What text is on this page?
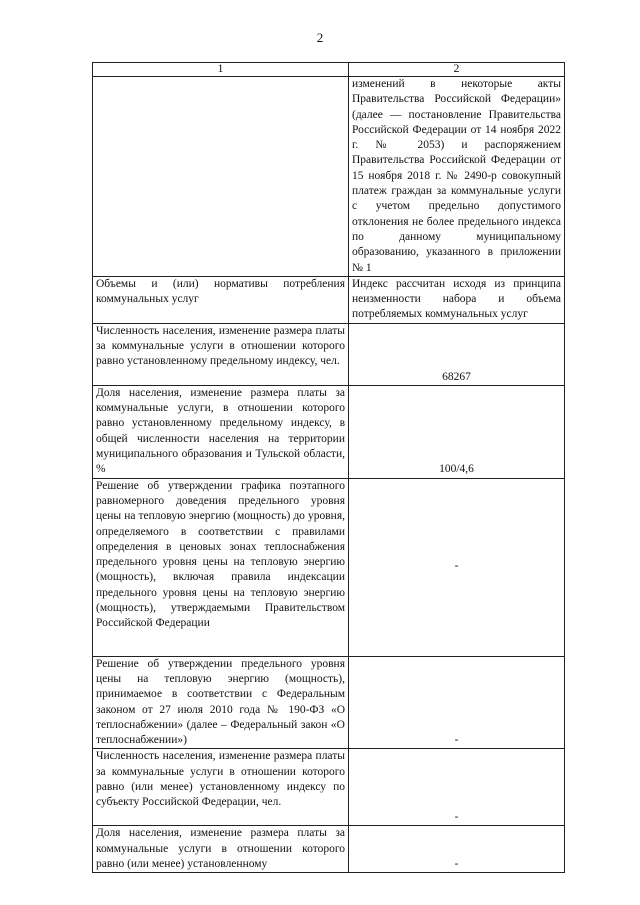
2
1	2
	изменений в некоторые акты Правительства Российской Федерации» (далее — постановление Правительства Российской Федерации от 14 ноября 2022 г. № 2053) и распоряжением Правительства Российской Федерации от 15 ноября 2018 г. № 2490-р совокупный платеж граждан за коммунальные услуги с учетом предельно допустимого отклонения не более предельного индекса по данному муниципальному образованию, указанного в приложении № 1
Объемы и (или) нормативы потребления коммунальных услуг	Индекс рассчитан исходя из принципа неизменности набора и объема потребляемых коммунальных услуг
Численность населения, изменение размера платы за коммунальные услуги в отношении которого равно установленному предельному индексу, чел.	68267
Доля населения, изменение размера платы за коммунальные услуги, в отношении которого равно установленному предельному индексу, в общей численности населения на территории муниципального образования и Тульской области, %	100/4,6
Решение об утверждении графика поэтапного равномерного доведения предельного уровня цены на тепловую энергию (мощность) до уровня, определяемого в соответствии с правилами определения в ценовых зонах теплоснабжения предельного уровня цены на тепловую энергию (мощность), включая правила индексации предельного уровня цены на тепловую энергию (мощность), утверждаемыми Правительством Российской Федерации	-
Решение об утверждении предельного уровня цены на тепловую энергию (мощность), принимаемое в соответствии с Федеральным законом от 27 июля 2010 года № 190-ФЗ «О теплоснабжении» (далее – Федеральный закон «О теплоснабжении»)	-
Численность населения, изменение размера платы за коммунальные услуги в отношении которого равно (или менее) установленному индексу по субъекту Российской Федерации, чел.	-
Доля населения, изменение размера платы за коммунальные услуги в отношении которого равно (или менее) установленному	-
